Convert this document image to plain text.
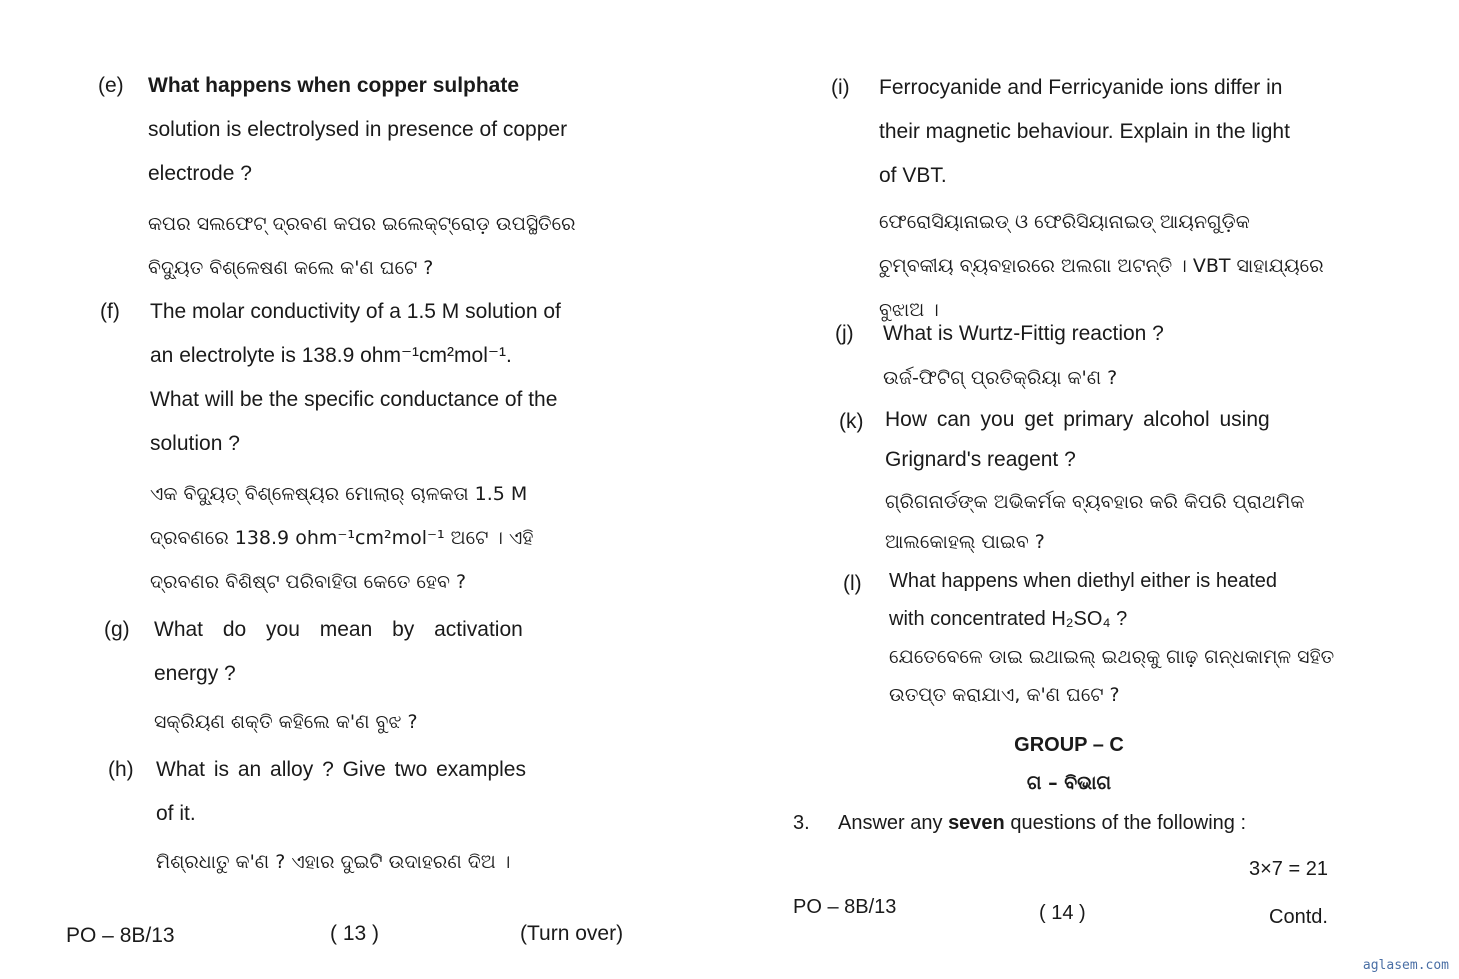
(e) What happens when copper sulphate
solution is electrolysed in presence of copper
electrode ?
କପର ସଲଫେଟ୍ ଦ୍ରବଣ କପର ଇଲେକ୍‌ଟ୍ରୋଡ଼ ଉପସ୍ଥିତିରେ
ବିଦ୍ୟୁତ ବିଶ୍ଳେଷଣ କଲେ କ'ଣ ଘଟେ ?
(f) The molar conductivity of a 1.5 M solution of
an electrolyte is 138.9 ohm⁻¹cm²mol⁻¹.
What will be the specific conductance of the
solution ?
ଏକ ବିଦ୍ୟୁତ୍ ବିଶ୍ଳେଷ୍ୟର ମୋଲାର୍ ଚାଳକତା 1.5 M
ଦ୍ରବଣରେ 138.9 ohm⁻¹cm²mol⁻¹ ଅଟେ । ଏହି
ଦ୍ରବଣର ବିଶିଷ୍ଟ ପରିବାହିତା କେତେ ହେବ ?
(g) What do you mean by activation
energy ?
ସକ୍ରିୟଣ ଶକ୍ତି କହିଲେ କ'ଣ ବୁଝ ?
(h) What is an alloy ? Give two examples
of it.
ମିଶ୍ରଧାତୁ କ'ଣ ? ଏହାର ଦୁଇଟି ଉଦାହରଣ ଦିଅ ।
PO – 8B/13	( 13 )	(Turn over)
(i) Ferrocyanide and Ferricyanide ions differ in
their magnetic behaviour. Explain in the light
of VBT.
ଫେରୋସିୟାନାଇଡ୍ ଓ ଫେରିସିୟାନାଇଡ୍ ଆୟନଗୁଡ଼ିକ
ଚୁମ୍ବକୀୟ ବ୍ୟବହାରରେ ଅଲଗା ଅଟନ୍ତି । VBT ସାହାଯ୍ୟରେ
ବୁଝାଅ ।
(j) What is Wurtz-Fittig reaction ?
ଉର୍ଜ-ଫିଟିଗ୍ ପ୍ରତିକ୍ରିୟା କ'ଣ ?
(k) How can you get primary alcohol using
Grignard's reagent ?
ଗ୍ରିଗନାର୍ଡଙ୍କ ଅଭିକର୍ମକ ବ୍ୟବହାର କରି କିପରି ପ୍ରାଥମିକ
ଆଲକୋହଲ୍ ପାଇବ ?
(l) What happens when diethyl either is heated
with concentrated H₂SO₄ ?
ଯେତେବେଳେ ଡାଇ ଇଥାଇଲ୍ ଇଥର୍‌କୁ ଗାଢ଼ ଗନ୍ଧକାମ୍ଳ ସହିତ
ଉତପ୍ତ କରାଯାଏ, କ'ଣ ଘଟେ ?
GROUP – C
ଗ – ବିଭାଗ
3. Answer any seven questions of the following :
3×7 = 21
PO – 8B/13	( 14 )	Contd.
aglasem.com
